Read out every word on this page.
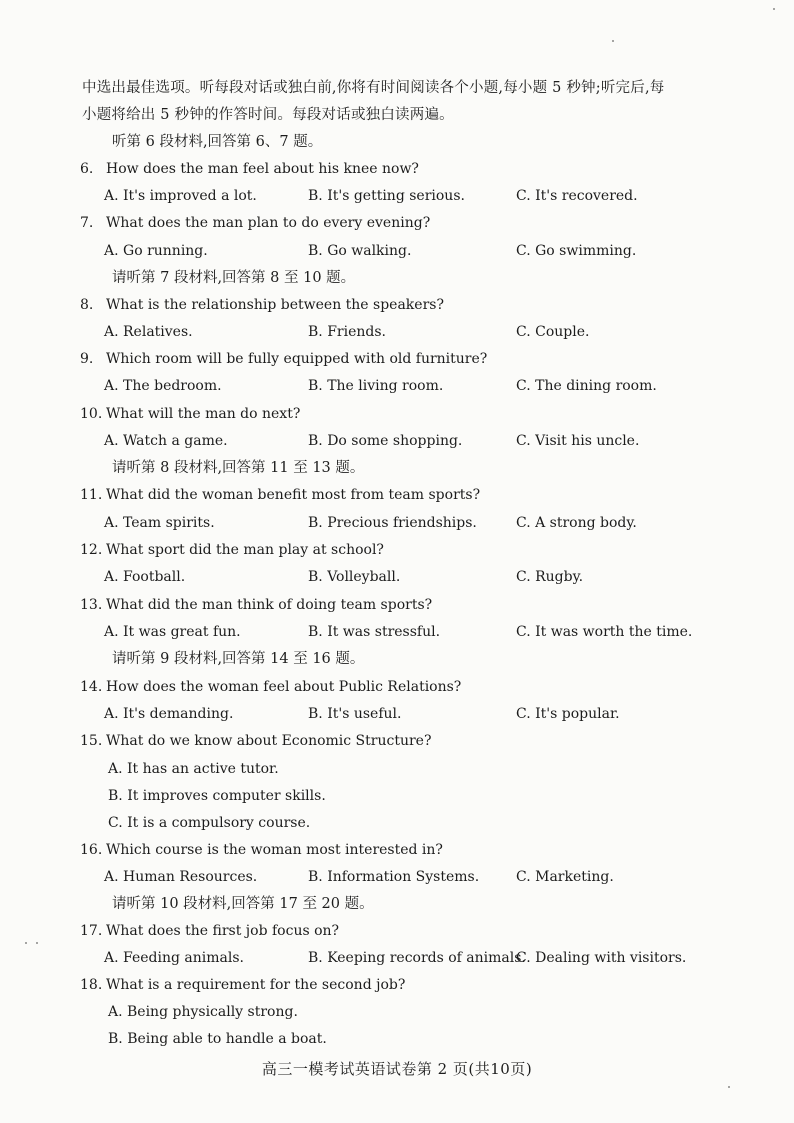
中选出最佳选项。听每段对话或独白前,你将有时间阅读各个小题,每小题 5 秒钟;听完后,每
小题将给出 5 秒钟的作答时间。每段对话或独白读两遍。
听第 6 段材料,回答第 6、7 题。
6. How does the man feel about his knee now?
A. It's improved a lot.	B. It's getting serious.	C. It's recovered.
7. What does the man plan to do every evening?
A. Go running.	B. Go walking.	C. Go swimming.
请听第 7 段材料,回答第 8 至 10 题。
8. What is the relationship between the speakers?
A. Relatives.	B. Friends.	C. Couple.
9. Which room will be fully equipped with old furniture?
A. The bedroom.	B. The living room.	C. The dining room.
10. What will the man do next?
A. Watch a game.	B. Do some shopping.	C. Visit his uncle.
请听第 8 段材料,回答第 11 至 13 题。
11. What did the woman benefit most from team sports?
A. Team spirits.	B. Precious friendships.	C. A strong body.
12. What sport did the man play at school?
A. Football.	B. Volleyball.	C. Rugby.
13. What did the man think of doing team sports?
A. It was great fun.	B. It was stressful.	C. It was worth the time.
请听第 9 段材料,回答第 14 至 16 题。
14. How does the woman feel about Public Relations?
A. It's demanding.	B. It's useful.	C. It's popular.
15. What do we know about Economic Structure?
A. It has an active tutor.
B. It improves computer skills.
C. It is a compulsory course.
16. Which course is the woman most interested in?
A. Human Resources.	B. Information Systems.	C. Marketing.
请听第 10 段材料,回答第 17 至 20 题。
17. What does the first job focus on?
A. Feeding animals.	B. Keeping records of animals.
C. Dealing with visitors.
18. What is a requirement for the second job?
A. Being physically strong.
B. Being able to handle a boat.
高三一模考试英语试卷第 2 页(共10页)
